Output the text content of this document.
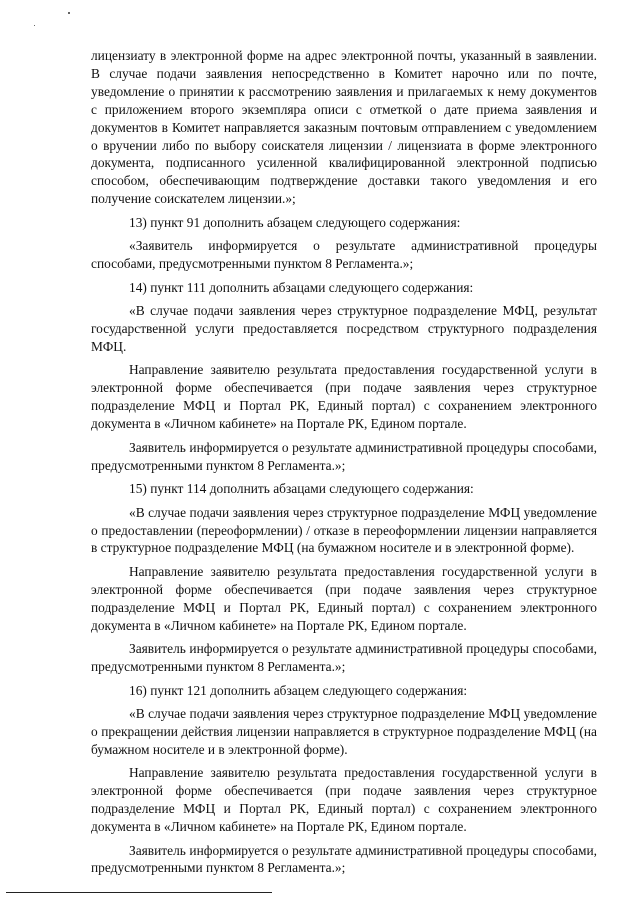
лицензиату в электронной форме на адрес электронной почты, указанный в заявлении. В случае подачи заявления непосредственно в Комитет нарочно или по почте, уведомление о принятии к рассмотрению заявления и прилагаемых к нему документов с приложением второго экземпляра описи с отметкой о дате приема заявления и документов в Комитет направляется заказным почтовым отправлением с уведомлением о вручении либо по выбору соискателя лицензии / лицензиата в форме электронного документа, подписанного усиленной квалифицированной электронной подписью способом, обеспечивающим подтверждение доставки такого уведомления и его получение соискателем лицензии.»;

13) пункт 91 дополнить абзацем следующего содержания:

«Заявитель информируется о результате административной процедуры способами, предусмотренными пунктом 8 Регламента.»;

14) пункт 111 дополнить абзацами следующего содержания:

«В случае подачи заявления через структурное подразделение МФЦ, результат государственной услуги предоставляется посредством структурного подразделения МФЦ.

Направление заявителю результата предоставления государственной услуги в электронной форме обеспечивается (при подаче заявления через структурное подразделение МФЦ и Портал РК, Единый портал) с сохранением электронного документа в «Личном кабинете» на Портале РК, Едином портале.

Заявитель информируется о результате административной процедуры способами, предусмотренными пунктом 8 Регламента.»;

15) пункт 114 дополнить абзацами следующего содержания:

«В случае подачи заявления через структурное подразделение МФЦ уведомление о предоставлении (переоформлении) / отказе в переоформлении лицензии направляется в структурное подразделение МФЦ (на бумажном носителе и в электронной форме).

Направление заявителю результата предоставления государственной услуги в электронной форме обеспечивается (при подаче заявления через структурное подразделение МФЦ и Портал РК, Единый портал) с сохранением электронного документа в «Личном кабинете» на Портале РК, Едином портале.

Заявитель информируется о результате административной процедуры способами, предусмотренными пунктом 8 Регламента.»;

16) пункт 121 дополнить абзацем следующего содержания:

«В случае подачи заявления через структурное подразделение МФЦ уведомление о прекращении действия лицензии направляется в структурное подразделение МФЦ (на бумажном носителе и в электронной форме).

Направление заявителю результата предоставления государственной услуги в электронной форме обеспечивается (при подаче заявления через структурное подразделение МФЦ и Портал РК, Единый портал) с сохранением электронного документа в «Личном кабинете» на Портале РК, Едином портале.

Заявитель информируется о результате административной процедуры способами, предусмотренными пунктом 8 Регламента.»;
